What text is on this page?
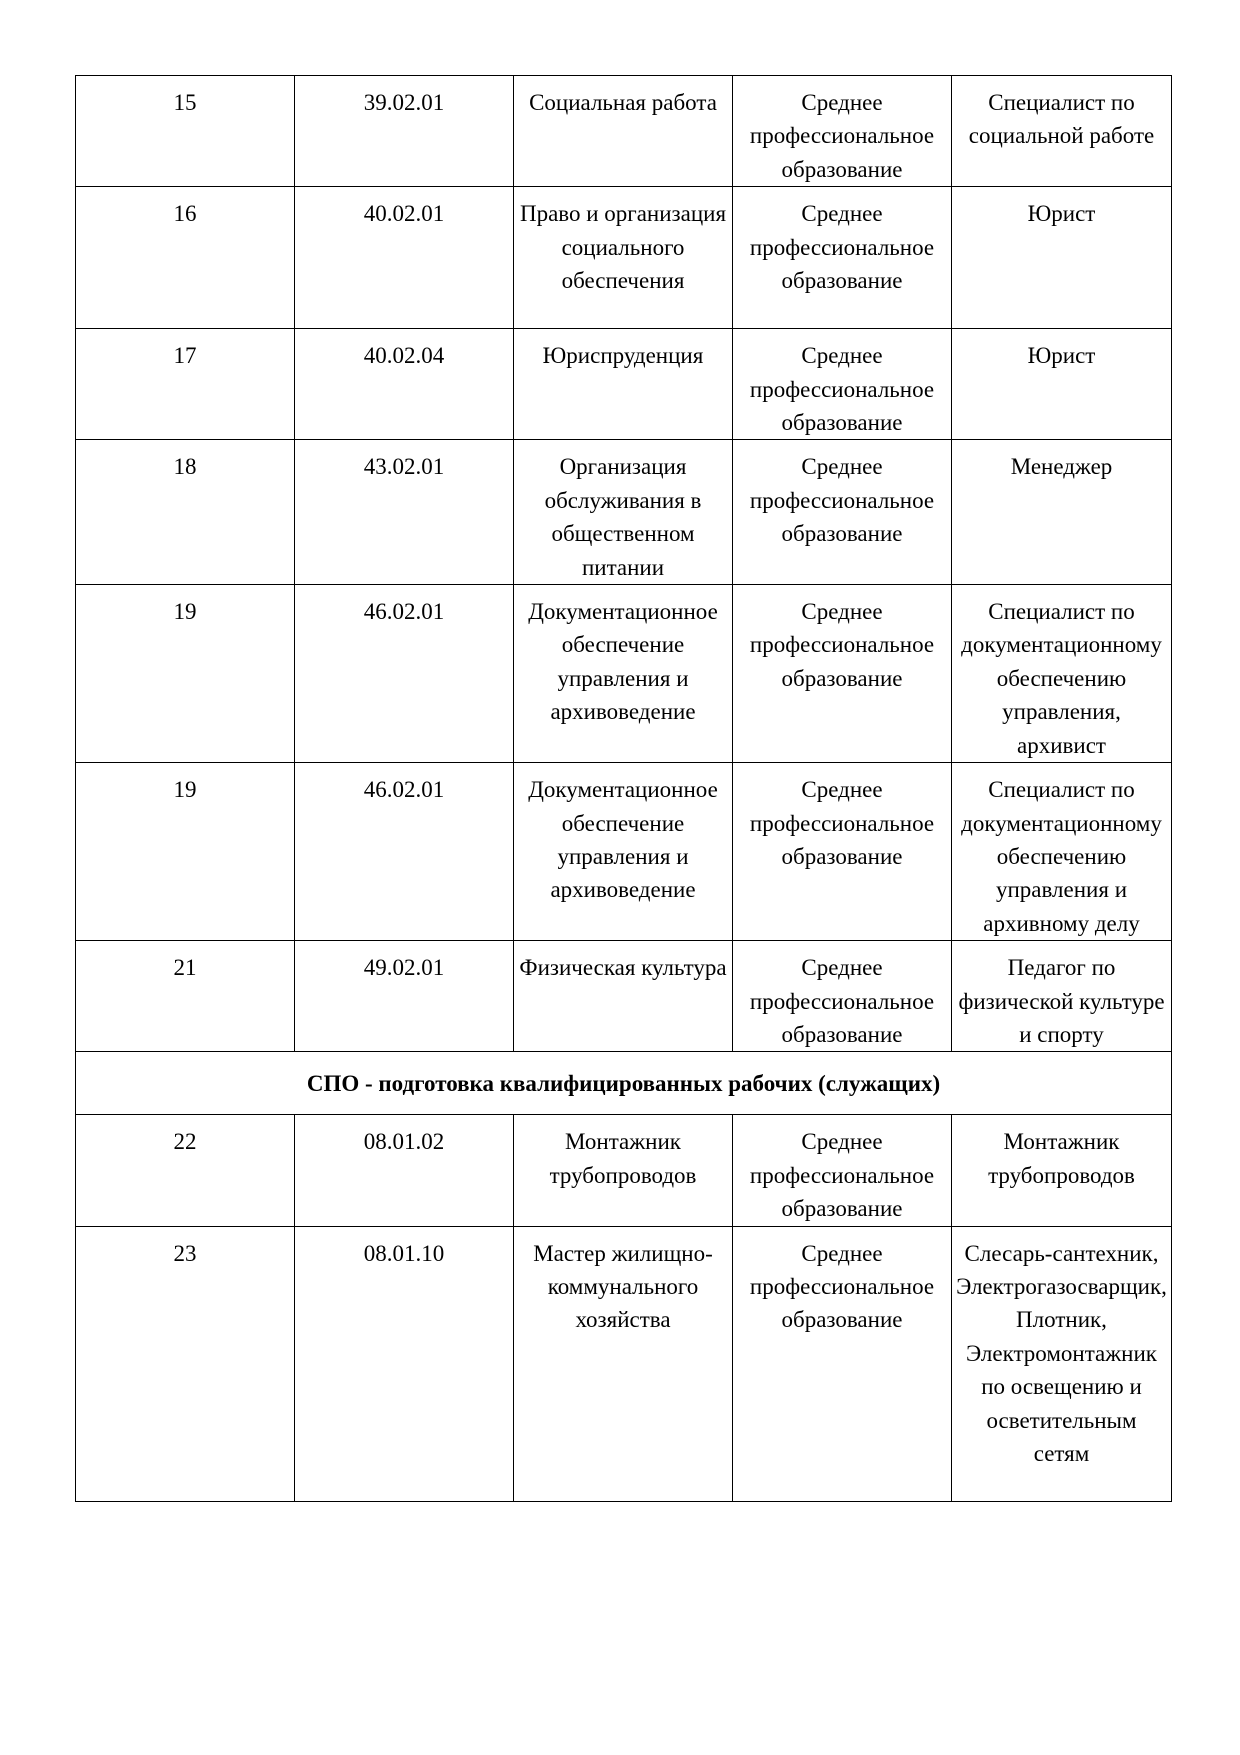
15	39.02.01	Социальная работа	Среднее профессиональное образование	Специалист по социальной работе
16	40.02.01	Право и организация социального обеспечения	Среднее профессиональное образование	Юрист
17	40.02.04	Юриспруденция	Среднее профессиональное образование	Юрист
18	43.02.01	Организация обслуживания в общественном питании	Среднее профессиональное образование	Менеджер
19	46.02.01	Документационное обеспечение управления и архивоведение	Среднее профессиональное образование	Специалист по документационному обеспечению управления, архивист
19	46.02.01	Документационное обеспечение управления и архивоведение	Среднее профессиональное образование	Специалист по документационному обеспечению управления и архивному делу
21	49.02.01	Физическая культура	Среднее профессиональное образование	Педагог по физической культуре и спорту
СПО - подготовка квалифицированных рабочих (служащих)				
22	08.01.02	Монтажник трубопроводов	Среднее профессиональное образование	Монтажник трубопроводов
23	08.01.10	Мастер жилищно-коммунального хозяйства	Среднее профессиональное образование	Слесарь-сантехник, Электрогазосварщик, Плотник, Электромонтажник по освещению и осветительным сетям
